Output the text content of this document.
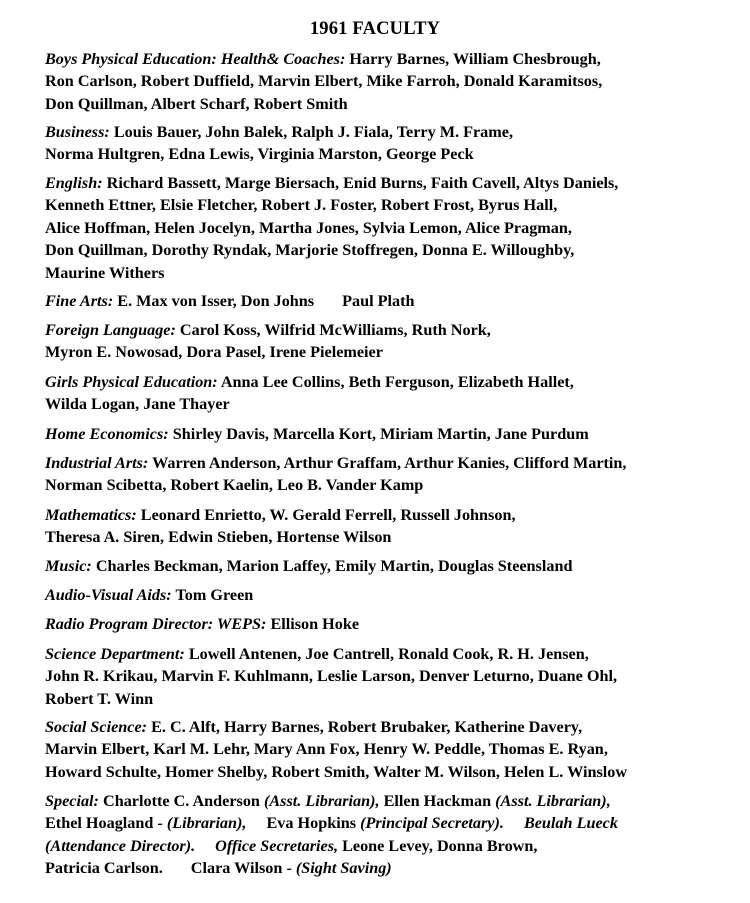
1961 FACULTY
Boys Physical Education: Health& Coaches: Harry Barnes, William Chesbrough,
Ron Carlson, Robert Duffield, Marvin Elbert, Mike Farroh, Donald Karamitsos,
Don Quillman, Albert Scharf, Robert Smith
Business: Louis Bauer, John Balek, Ralph J. Fiala, Terry M. Frame,
Norma Hultgren, Edna Lewis, Virginia Marston, George Peck
English: Richard Bassett, Marge Biersach, Enid Burns, Faith Cavell, Altys Daniels,
Kenneth Ettner, Elsie Fletcher, Robert J. Foster, Robert Frost, Byrus Hall,
Alice Hoffman, Helen Jocelyn, Martha Jones, Sylvia Lemon, Alice Pragman,
Don Quillman, Dorothy Ryndak, Marjorie Stoffregen, Donna E. Willoughby,
Maurine Withers
Fine Arts: E. Max von Isser, Don Johns Paul Plath
Foreign Language: Carol Koss, Wilfrid McWilliams, Ruth Nork,
Myron E. Nowosad, Dora Pasel, Irene Pielemeier
Girls Physical Education: Anna Lee Collins, Beth Ferguson, Elizabeth Hallet,
Wilda Logan, Jane Thayer
Home Economics: Shirley Davis, Marcella Kort, Miriam Martin, Jane Purdum
Industrial Arts: Warren Anderson, Arthur Graffam, Arthur Kanies, Clifford Martin,
Norman Scibetta, Robert Kaelin, Leo B. Vander Kamp
Mathematics: Leonard Enrietto, W. Gerald Ferrell, Russell Johnson,
Theresa A. Siren, Edwin Stieben, Hortense Wilson
Music: Charles Beckman, Marion Laffey, Emily Martin, Douglas Steensland
Audio-Visual Aids: Tom Green
Radio Program Director: WEPS: Ellison Hoke
Science Department: Lowell Antenen, Joe Cantrell, Ronald Cook, R. H. Jensen,
John R. Krikau, Marvin F. Kuhlmann, Leslie Larson, Denver Leturno, Duane Ohl,
Robert T. Winn
Social Science: E. C. Alft, Harry Barnes, Robert Brubaker, Katherine Davery,
Marvin Elbert, Karl M. Lehr, Mary Ann Fox, Henry W. Peddle, Thomas E. Ryan,
Howard Schulte, Homer Shelby, Robert Smith, Walter M. Wilson, Helen L. Winslow
Special: Charlotte C. Anderson (Asst. Librarian), Ellen Hackman (Asst. Librarian),
Ethel Hoagland - (Librarian), Eva Hopkins (Principal Secretary). Beulah Lueck
(Attendance Director). Office Secretaries, Leone Levey, Donna Brown,
Patricia Carlson. Clara Wilson - (Sight Saving)
